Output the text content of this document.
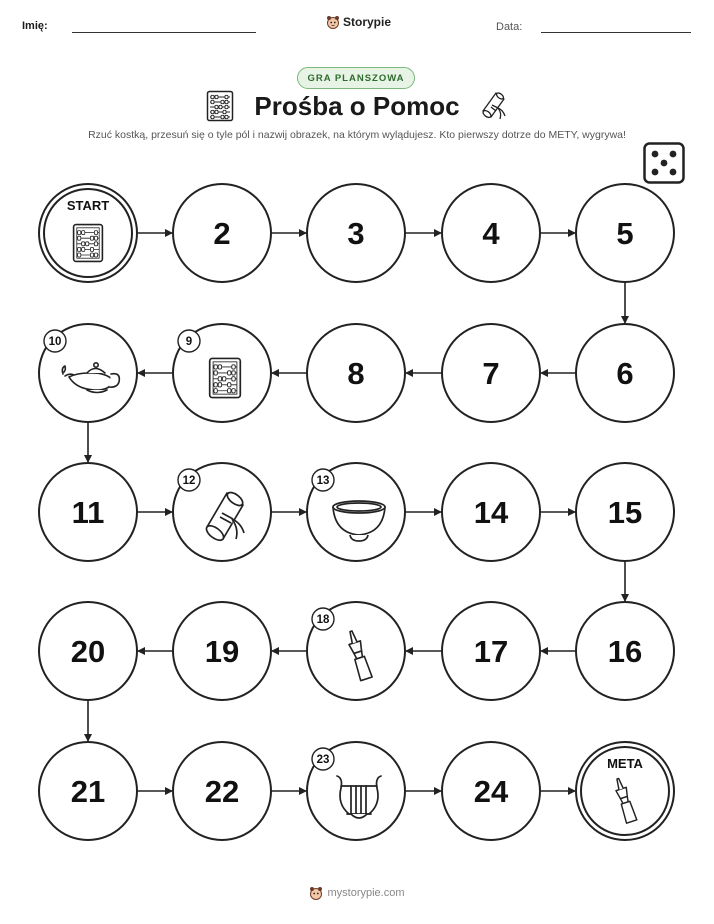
Imię:	Storypie	Data:
GRA PLANSZOWA
Prośba o Pomoc
Rzuć kostką, przesuń się o tyle pól i nazwij obrazek, na którym wylądujesz. Kto pierwszy dotrze do METY, wygrywa!
START
2	3	4	5
6
7
8
9
10
11
12	13
14	15
16
17
18
19
20
21	22
23
24
META
mystorypie.com
